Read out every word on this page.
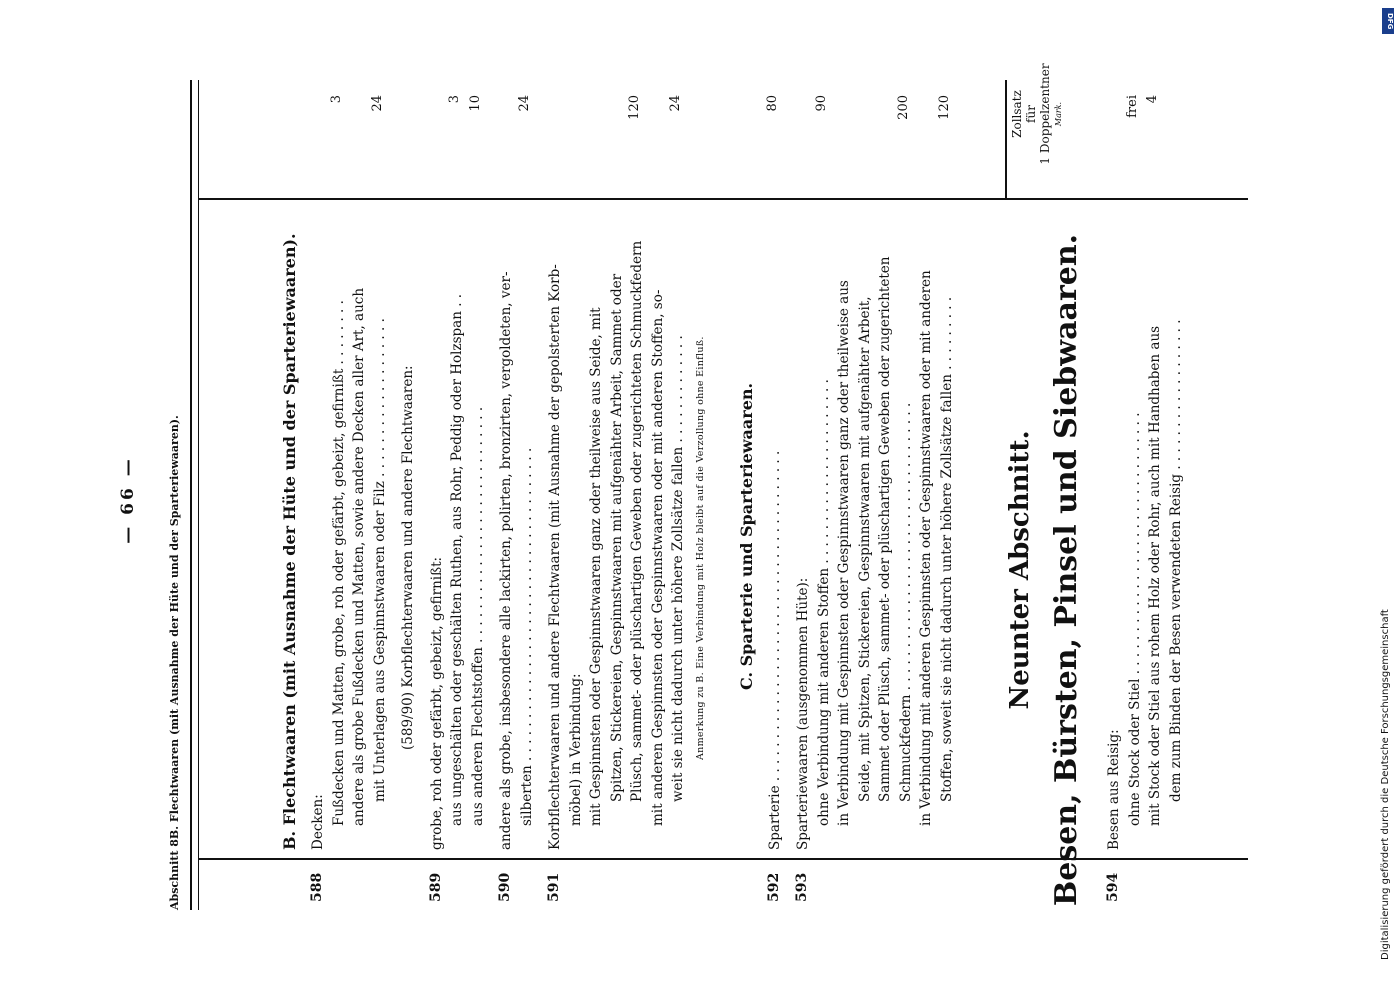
— 66 —	Abschnitt 8B. Flechtwaaren (mit Ausnahme der Hüte und der Sparteriewaaren).
Zollsatz für 1 Doppelzentner Mark.
B. Flechtwaaren (mit Ausnahme der Hüte und der Sparteriewaaren).
588
Decken: Fußdecken und Matten, grobe, roh oder gefärbt, gebeizt, gefirnißt . . . . . . . .
3
andere als grobe Fußdecken und Matten, sowie andere Decken aller Art, auch mit Unterlagen aus Gespinnstwaaren oder Filz . . . . . . . . . . . . . . . . . . .
24
(589/90) Korbflechterwaaren und andere Flechtwaaren:
589
grobe, roh oder gefärbt, gebeizt, gefirnißt: aus ungeschälten oder geschälten Ruthen, aus Rohr, Peddig oder Holzspan . .
3
aus anderen Flechtstoffen . . . . . . . . . . . . . . . . . . . . . . . . . . . .
10
590
andere als grobe, insbesondere alle lackirten, polirten, bronzirten, vergoldeten, ver- silberten . . . . . . . . . . . . . . . . . . . . . . . . . . . . . . . . . . . . .
24
591
Korbflechterwaaren und andere Flechtwaaren (mit Ausnahme der gepolsterten Korb- möbel) in Verbindung: mit Gespinnsten oder Gespinnstwaaren ganz oder theilweise aus Seide, mit Spitzen, Stickereien, Gespinnstwaaren mit aufgenähter Arbeit, Sammet oder Plüsch, sammet- oder plüschartigen Geweben oder zugerichteten Schmuckfedern
120
mit anderen Gespinnsten oder Gespinnstwaaren oder mit anderen Stoffen, so- weit sie nicht dadurch unter höhere Zollsätze fallen . . . . . . . . . . . . .
24
Anmerkung zu B. Eine Verbindung mit Holz bleibt auf die Verzollung ohne Einfluß. C. Sparterie und Sparteriewaaren.
592
Sparterie . . . . . . . . . . . . . . . . . . . . . . . . . . . . . . . . . . . . . . .
80
593
Sparteriewaaren (ausgenommen Hüte): ohne Verbindung mit anderen Stoffen . . . . . . . . . . . . . . . . . . . . . .
90
in Verbindung mit Gespinnsten oder Gespinnstwaaren ganz oder theilweise aus Seide, mit Spitzen, Stickereien, Gespinnstwaaren mit aufgenähter Arbeit, Sammet oder Plüsch, sammet- oder plüschartigen Geweben oder zugerichteten Schmuckfedern . . . . . . . . . . . . . . . . . . . . . . . . . . . . . . . . . .
200
in Verbindung mit anderen Gespinnsten oder Gespinnstwaaren oder mit anderen Stoffen, soweit sie nicht dadurch unter höhere Zollsätze fallen . . . . . . . . .
120
Neunter Abschnitt. Besen, Bürsten, Pinsel und Siebwaaren. 594
Besen aus Reisig: ohne Stock oder Stiel . . . . . . . . . . . . . . . . . . . . . . . . . . . . . . .
frei
mit Stock oder Stiel aus rohem Holz oder Rohr, auch mit Handhaben aus
4
dem zum Binden der Besen verwendeten Reisig . . . . . . . . . . . . . . . . . .	Digitalisierung gefördert durch die Deutsche Forschungsgemeinschaft
DFG
